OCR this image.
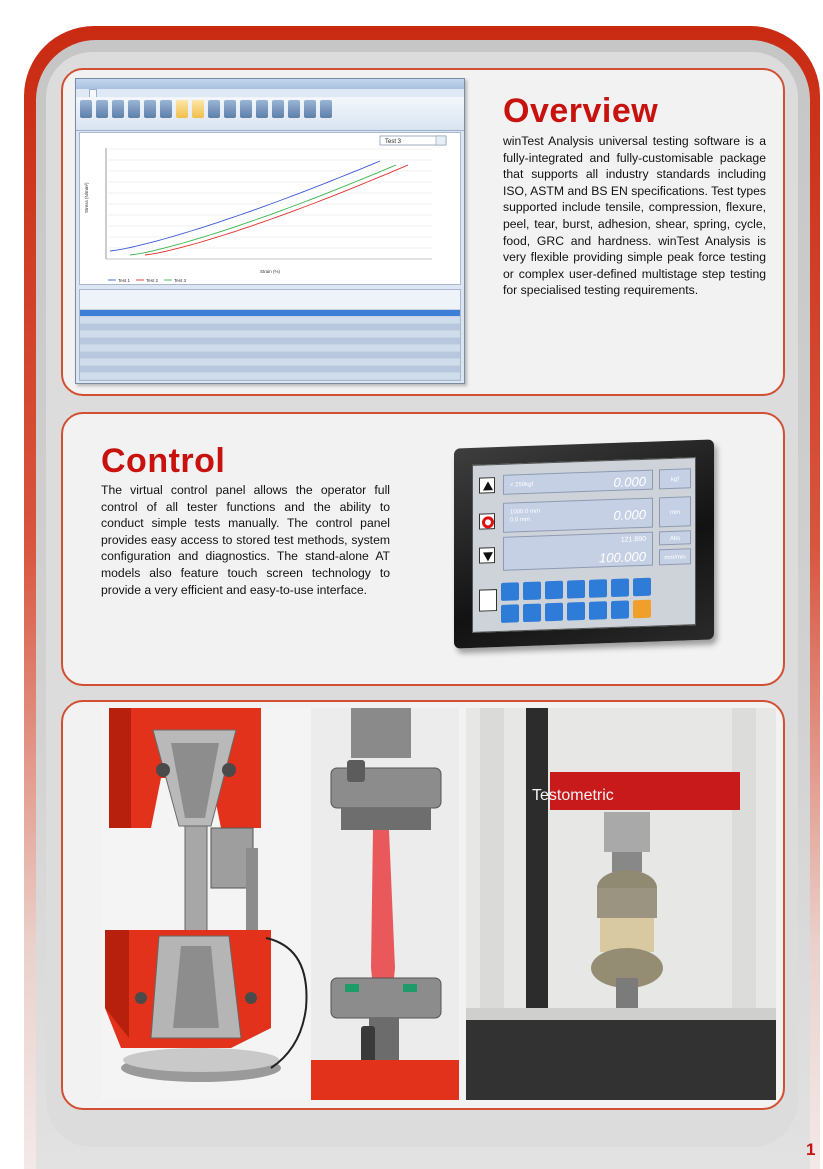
Test 3
Stress (N/mm²)
Strain (%)
Test 1	Test 2	Test 3
Overview
winTest Analysis universal testing software is a fully-integrated and fully-customisable package that supports all industry standards including ISO, ASTM and BS EN specifications. Test types supported include tensile, compression, flexure, peel, tear, burst, adhesion, shear, spring, cycle, food, GRC and hardness. winTest Analysis is very flexible providing simple peak force testing or complex user-defined multistage step testing for specialised testing requirements.
Control
The virtual control panel allows the operator full control of all tester functions and the ability to conduct simple tests manually. The control panel provides easy access to stored test methods, system configuration and diagnostics. The stand-alone AT models also feature touch screen technology to provide a very efficient and easy-to-use interface.
< 250kgf	0.000	kgf
1000.0 mm
0.0 mm	0.000	mm
121.890
100.000
Abs
mm/min
Testometric
1
